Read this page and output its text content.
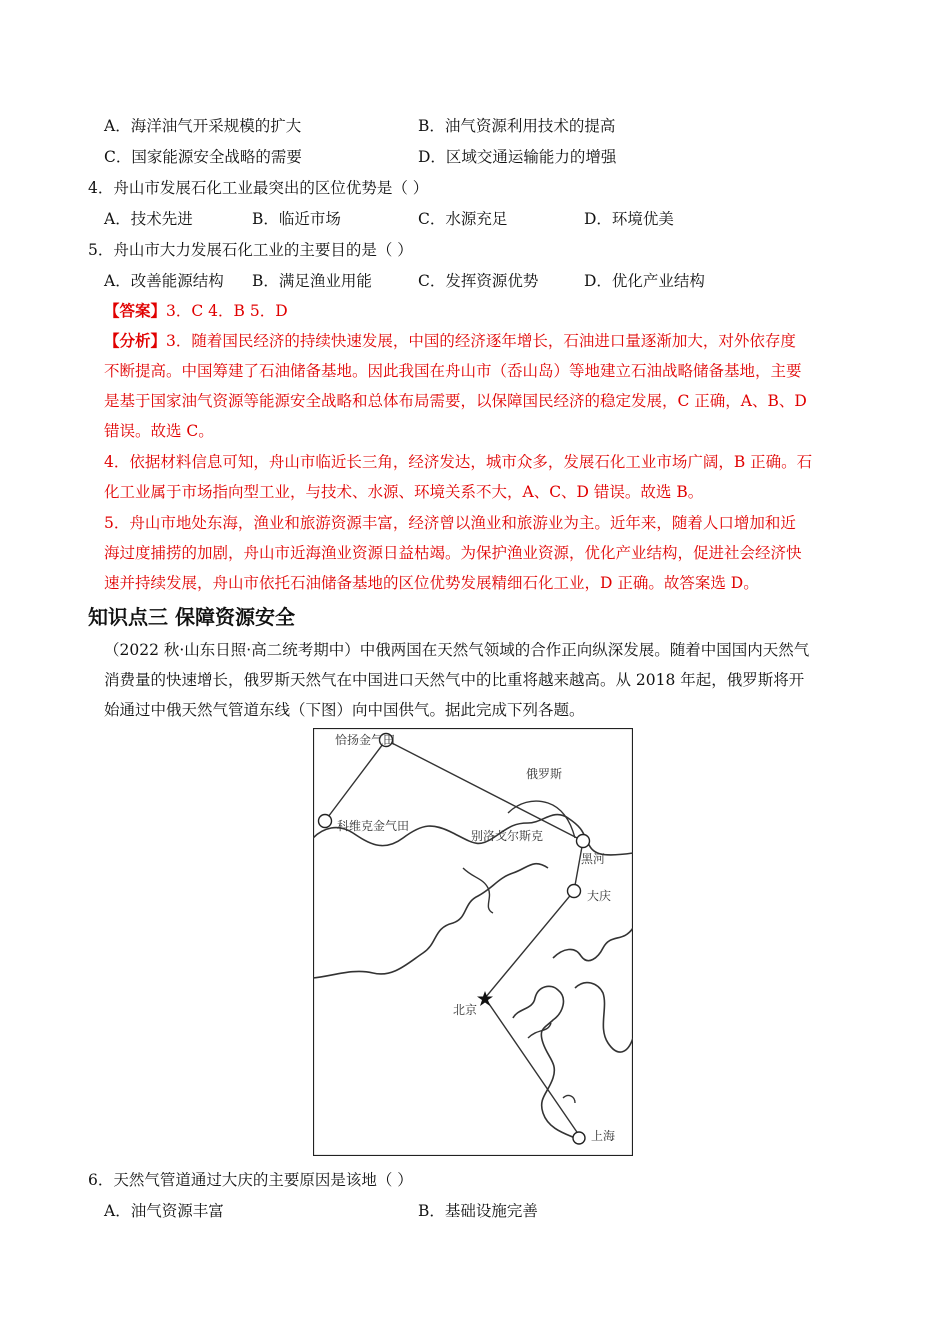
A．海洋油气开采规模的扩大	B．油气资源利用技术的提高
C．国家能源安全战略的需要	D．区域交通运输能力的增强
4．舟山市发展石化工业最突出的区位优势是（ ）
A．技术先进	B．临近市场	C．水源充足	D．环境优美
5．舟山市大力发展石化工业的主要目的是（ ）
A．改善能源结构 B．满足渔业用能	C．发挥资源优势	D．优化产业结构
【答案】3．C 4．B 5．D
【分析】3．随着国民经济的持续快速发展，中国的经济逐年增长，石油进口量逐渐加大，对外依存度
不断提高。中国筹建了石油储备基地。因此我国在舟山市（岙山岛）等地建立石油战略储备基地，主要
是基于国家油气资源等能源安全战略和总体布局需要，以保障国民经济的稳定发展，C 正确，A、B、D
错误。故选 C。
4．依据材料信息可知，舟山市临近长三角，经济发达，城市众多，发展石化工业市场广阔，B 正确。石
化工业属于市场指向型工业，与技术、水源、环境关系不大，A、C、D 错误。故选 B。
5．舟山市地处东海，渔业和旅游资源丰富，经济曾以渔业和旅游业为主。近年来，随着人口增加和近
海过度捕捞的加剧，舟山市近海渔业资源日益枯竭。为保护渔业资源，优化产业结构，促进社会经济快
速并持续发展，舟山市依托石油储备基地的区位优势发展精细石化工业，D 正确。故答案选 D。
知识点三 保障资源安全
（2022 秋·山东日照·高二统考期中）中俄两国在天然气领域的合作正向纵深发展。随着中国国内天然气
消费量的快速增长，俄罗斯天然气在中国进口天然气中的比重将越来越高。从 2018 年起，俄罗斯将开
始通过中俄天然气管道东线（下图）向中国供气。据此完成下列各题。
恰扬金气田
俄罗斯
科维克金气田
别洛戈尔斯克
黑河
大庆
北京
上海
6．天然气管道通过大庆的主要原因是该地（ ）
A．油气资源丰富	B．基础设施完善
